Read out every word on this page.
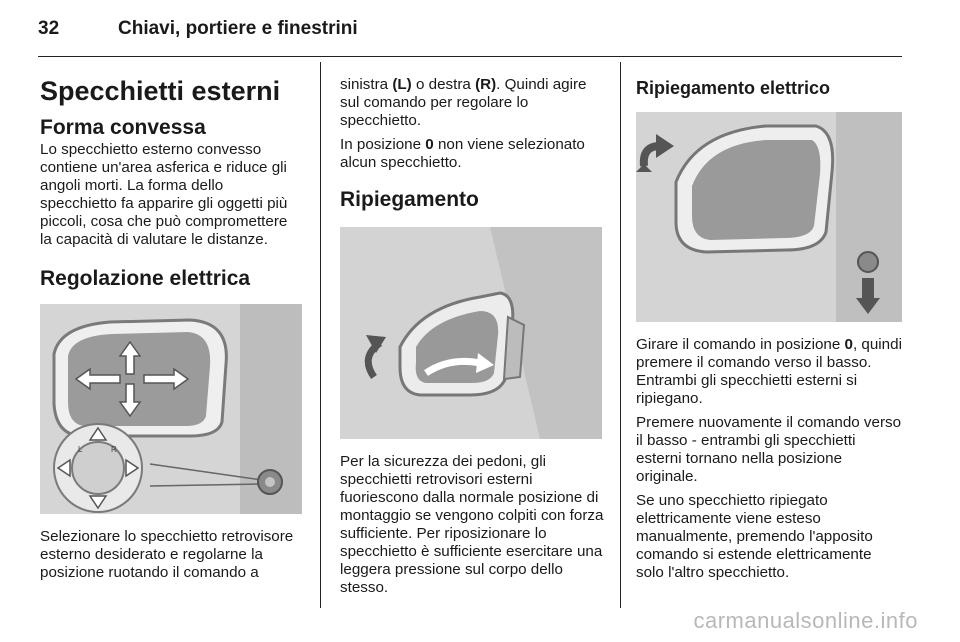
32	Chiavi, portiere e finestrini
Specchietti esterni
Forma convessa

Lo specchietto esterno convesso contiene un'area asferica e riduce gli angoli morti. La forma dello specchietto fa apparire gli oggetti più piccoli, cosa che può compromettere la capacità di valutare le distanze.

Regolazione elettrica
L	R

Selezionare lo specchietto retrovisore esterno desiderato e regolarne la posizione ruotando il comando a

sinistra (L) o destra (R). Quindi agire sul comando per regolare lo specchietto.

In posizione 0 non viene selezionato alcun specchietto.

Ripiegamento

Per la sicurezza dei pedoni, gli specchietti retrovisori esterni fuoriescono dalla normale posizione di montaggio se vengono colpiti con forza sufficiente. Per riposizionare lo specchietto è sufficiente esercitare una leggera pressione sul corpo dello stesso.

Ripiegamento elettrico

Girare il comando in posizione 0, quindi premere il comando verso il basso. Entrambi gli specchietti esterni si ripiegano.

Premere nuovamente il comando verso il basso - entrambi gli specchietti esterni tornano nella posizione originale.

Se uno specchietto ripiegato elettricamente viene esteso manualmente, premendo l'apposito comando si estende elettricamente solo l'altro specchietto.

carmanualsonline.info
